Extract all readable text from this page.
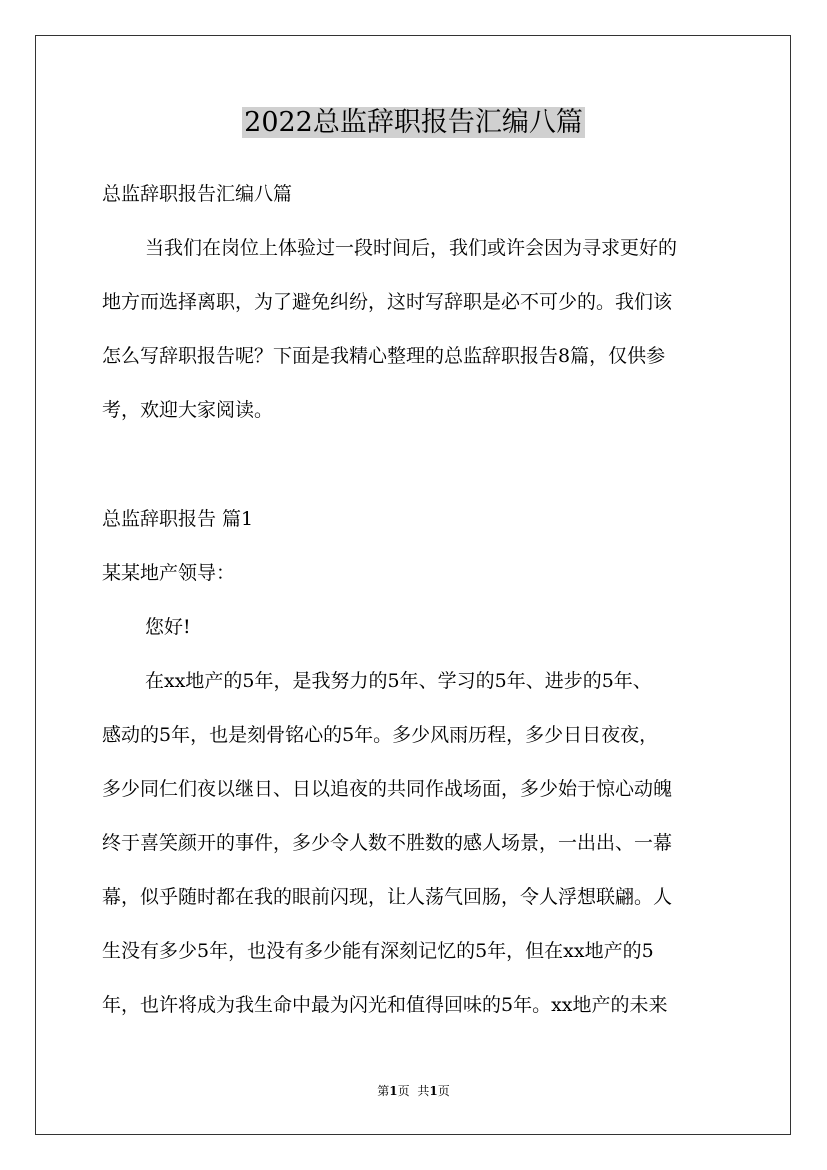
2022总监辞职报告汇编八篇
总监辞职报告汇编八篇
当我们在岗位上体验过一段时间后，我们或许会因为寻求更好的
地方而选择离职，为了避免纠纷，这时写辞职是必不可少的。我们该
怎么写辞职报告呢？下面是我精心整理的总监辞职报告8篇，仅供参
考，欢迎大家阅读。
总监辞职报告 篇1
某某地产领导：
您好!
在xx地产的5年，是我努力的5年、学习的5年、进步的5年、
感动的5年，也是刻骨铭心的5年。多少风雨历程，多少日日夜夜，
多少同仁们夜以继日、日以追夜的共同作战场面，多少始于惊心动魄
终于喜笑颜开的事件，多少令人数不胜数的感人场景，一出出、一幕
幕，似乎随时都在我的眼前闪现，让人荡气回肠，令人浮想联翩。人
生没有多少5年，也没有多少能有深刻记忆的5年，但在xx地产的5
年，也许将成为我生命中最为闪光和值得回味的5年。xx地产的未来
第1页 共1页
